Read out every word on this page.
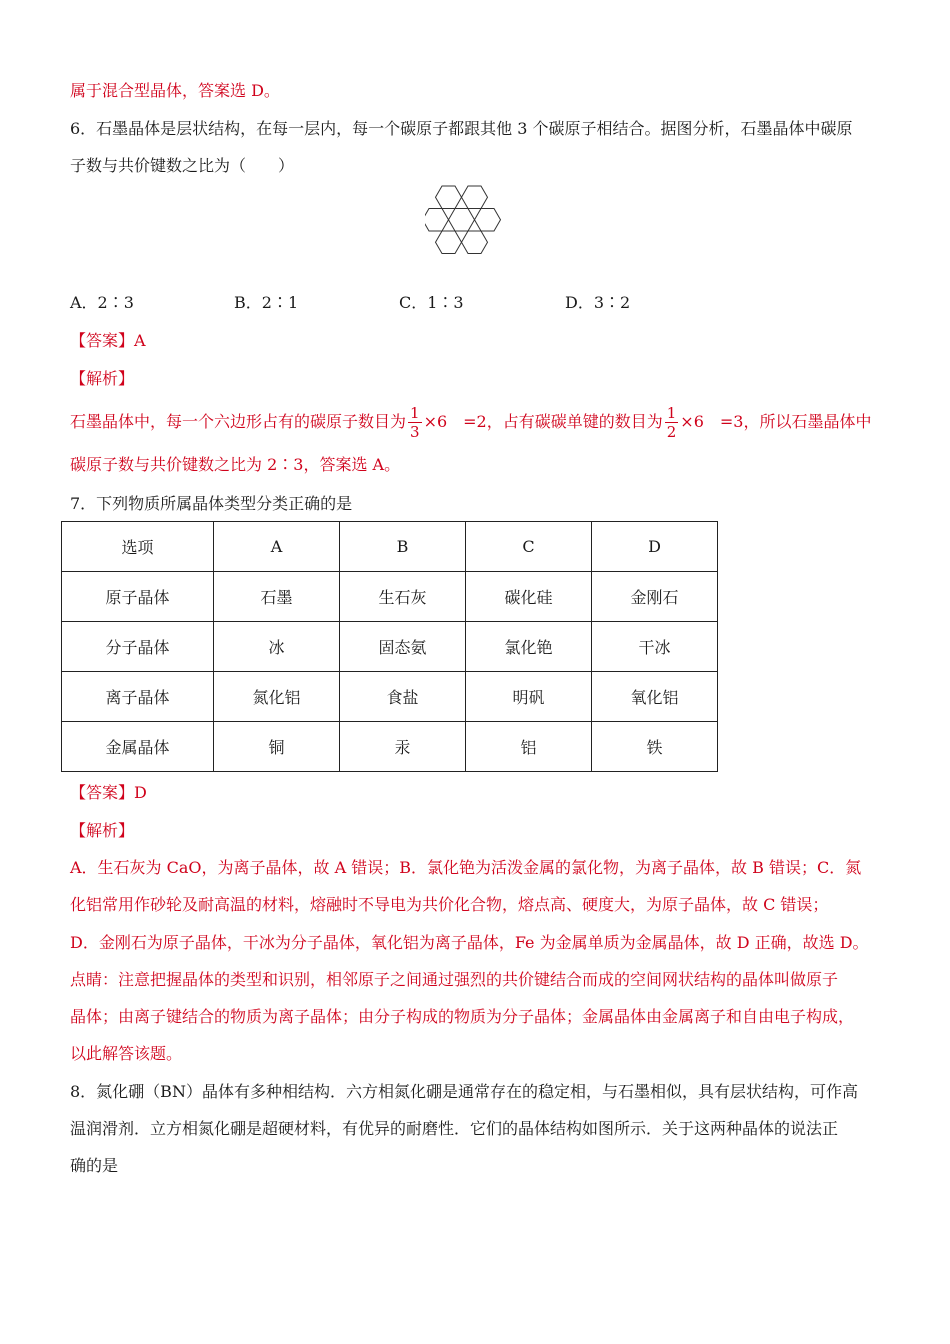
属于混合型晶体，答案选 D。
6．石墨晶体是层状结构，在每一层内，每一个碳原子都跟其他 3 个碳原子相结合。据图分析，石墨晶体中碳原
子数与共价键数之比为（　　）
A．2∶3	B．2∶1	C．1∶3	D．3∶2
【答案】A
【解析】
石墨晶体中，每一个六边形占有的碳原子数目为 $\frac{1}{3} \times 6$　=2，占有碳碳单键的数目为 $\frac{1}{2} \times 6$　=3，所以石墨晶体中
碳原子数与共价键数之比为 2∶3，答案选 A。
7．下列物质所属晶体类型分类正确的是
选项	A	B	C	D
原子晶体	石墨	生石灰	碳化硅	金刚石
分子晶体	冰	固态氨	氯化铯	干冰
离子晶体	氮化铝	食盐	明矾	氧化铝
金属晶体	铜	汞	铝	铁
【答案】D
【解析】
A．生石灰为 CaO，为离子晶体，故 A 错误；B．氯化铯为活泼金属的氯化物，为离子晶体，故 B 错误；C．氮
化铝常用作砂轮及耐高温的材料，熔融时不导电为共价化合物，熔点高、硬度大，为原子晶体，故 C 错误；
D．金刚石为原子晶体，干冰为分子晶体，氧化铝为离子晶体，Fe 为金属单质为金属晶体，故 D 正确，故选 D。
点睛：注意把握晶体的类型和识别，相邻原子之间通过强烈的共价键结合而成的空间网状结构的晶体叫做原子
晶体；由离子键结合的物质为离子晶体；由分子构成的物质为分子晶体；金属晶体由金属离子和自由电子构成，
以此解答该题。
8．氮化硼（BN）晶体有多种相结构．六方相氮化硼是通常存在的稳定相，与石墨相似，具有层状结构，可作高
温润滑剂．立方相氮化硼是超硬材料，有优异的耐磨性．它们的晶体结构如图所示．关于这两种晶体的说法正
确的是
